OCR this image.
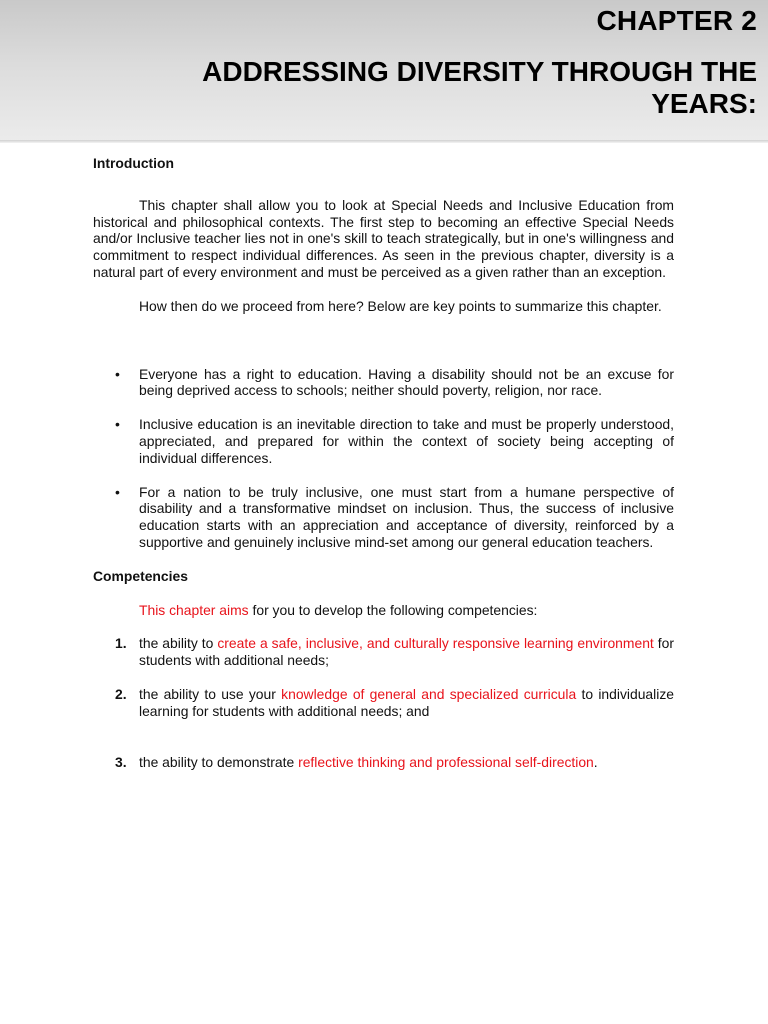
CHAPTER 2
ADDRESSING DIVERSITY THROUGH THE YEARS:

Introduction

This chapter shall allow you to look at Special Needs and Inclusive Education from historical and philosophical contexts. The first step to becoming an effective Special Needs and/or Inclusive teacher lies not in one's skill to teach strategically, but in one's willingness and commitment to respect individual differences. As seen in the previous chapter, diversity is a natural part of every environment and must be perceived as a given rather than an exception.

How then do we proceed from here? Below are key points to summarize this chapter.

• Everyone has a right to education. Having a disability should not be an excuse for being deprived access to schools; neither should poverty, religion, nor race.
• Inclusive education is an inevitable direction to take and must be properly understood, appreciated, and prepared for within the context of society being accepting of individual differences.
• For a nation to be truly inclusive, one must start from a humane perspective of disability and a transformative mindset on inclusion. Thus, the success of inclusive education starts with an appreciation and acceptance of diversity, reinforced by a supportive and genuinely inclusive mind-set among our general education teachers.

Competencies

This chapter aims for you to develop the following competencies:

1. the ability to create a safe, inclusive, and culturally responsive learning environment for students with additional needs;
2. the ability to use your knowledge of general and specialized curricula to individualize learning for students with additional needs; and
3. the ability to demonstrate reflective thinking and professional self-direction.
